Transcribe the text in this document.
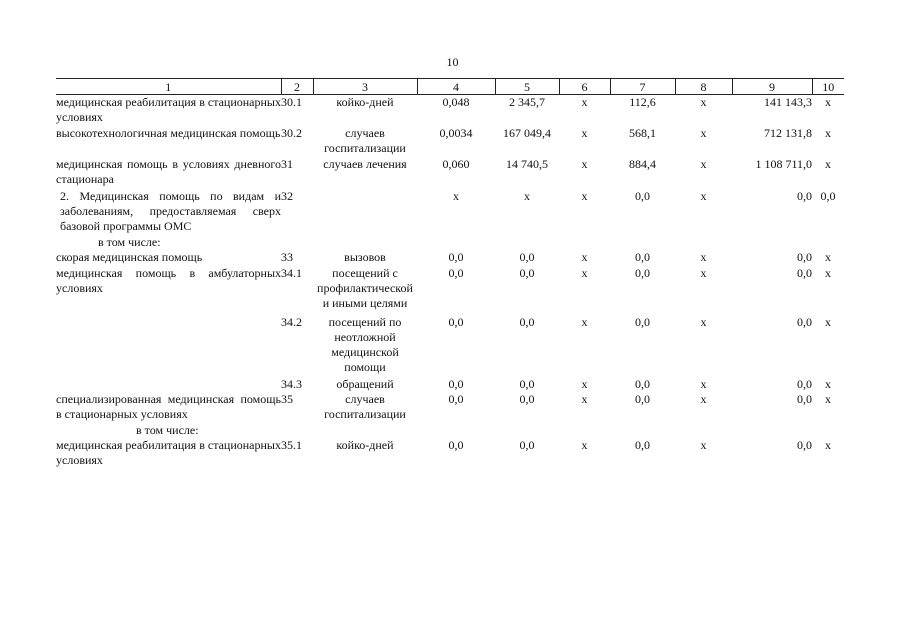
10
1	2	3	4	5	6	7	8	9	10
медицинская реабилитация в стационарных условиях	30.1	койко-дней	0,048	2 345,7	х	112,6	х	141 143,3	х
высокотехнологичная медицинская помощь	30.2	случаев госпитализации	0,0034	167 049,4	х	568,1	х	712 131,8	х
медицинская помощь в условиях дневного стационара	31	случаев лечения	0,060	14 740,5	х	884,4	х	1 108 711,0	х
2. Медицинская помощь по видам и заболеваниям, предоставляемая сверх базовой программы ОМС	32		х	х	х	0,0	х	0,0	0,0
в том числе:									
скорая медицинская помощь	33	вызовов	0,0	0,0	х	0,0	х	0,0	х
медицинская помощь в амбулаторных условиях	34.1	посещений с профилактической и иными целями	0,0	0,0	х	0,0	х	0,0	х
	34.2	посещений по неотложной медицинской помощи	0,0	0,0	х	0,0	х	0,0	х
	34.3	обращений	0,0	0,0	х	0,0	х	0,0	х
специализированная медицинская помощь в стационарных условиях	35	случаев госпитализации	0,0	0,0	х	0,0	х	0,0	х
в том числе:									
медицинская реабилитация в стационарных условиях	35.1	койко-дней	0,0	0,0	х	0,0	х	0,0	х
